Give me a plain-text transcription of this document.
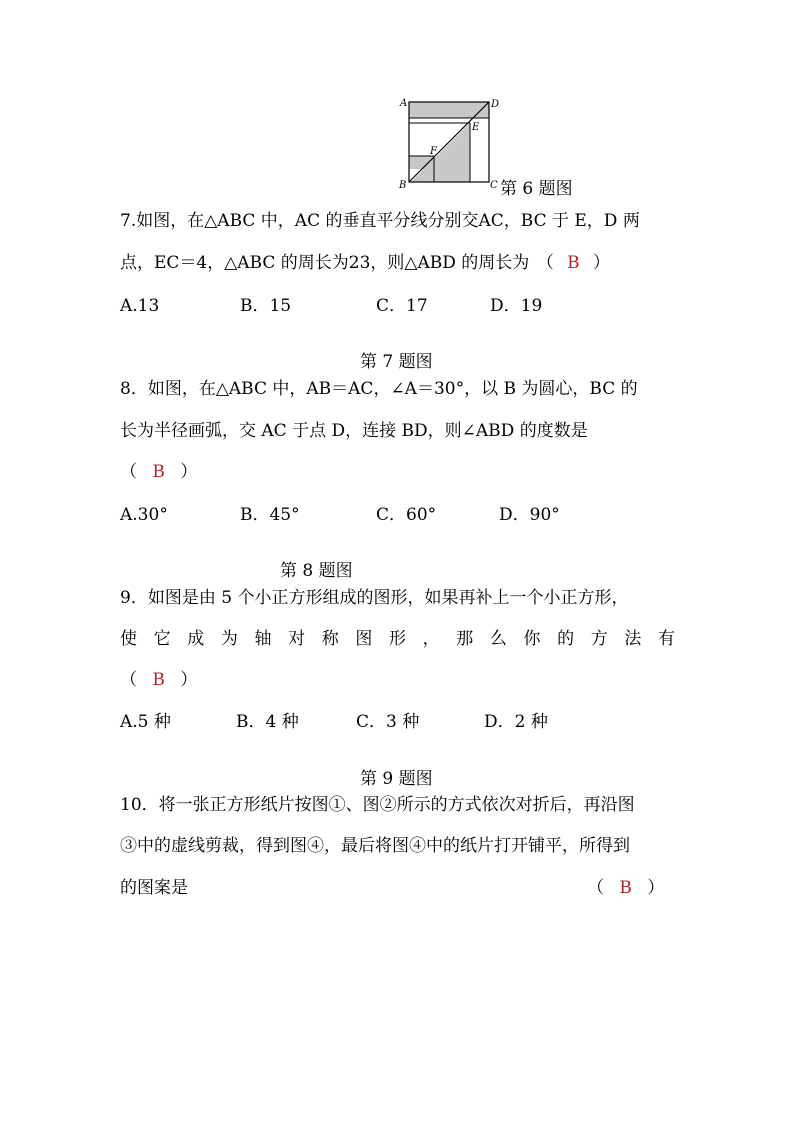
A	D
E
F
B	C 第 6 题图
7.如图，在△ABC 中，AC 的垂直平分线分别交AC，BC 于 E，D 两
点，EC＝4，△ABC 的周长为23，则△ABD 的周长为 （ B ）
A.13	B．15	C．17	D．19
第 7 题图
8．如图，在△ABC 中，AB＝AC，∠A＝30°，以 B 为圆心，BC 的
长为半径画弧，交 AC 于点 D，连接 BD，则∠ABD 的度数是
（ B ）
A.30°	B．45°	C．60°	D．90°
第 8 题图
9．如图是由 5 个小正方形组成的图形，如果再补上一个小正方形，
使 它 成 为 轴 对 称 图 形 ， 那 么 你 的 方 法 有
（ B ）
A.5 种	B．4 种	C．3 种	D．2 种
第 9 题图
10．将一张正方形纸片按图①、图②所示的方式依次对折后，再沿图
③中的虚线剪裁，得到图④，最后将图④中的纸片打开铺平，所得到
的图案是	（ B ）
